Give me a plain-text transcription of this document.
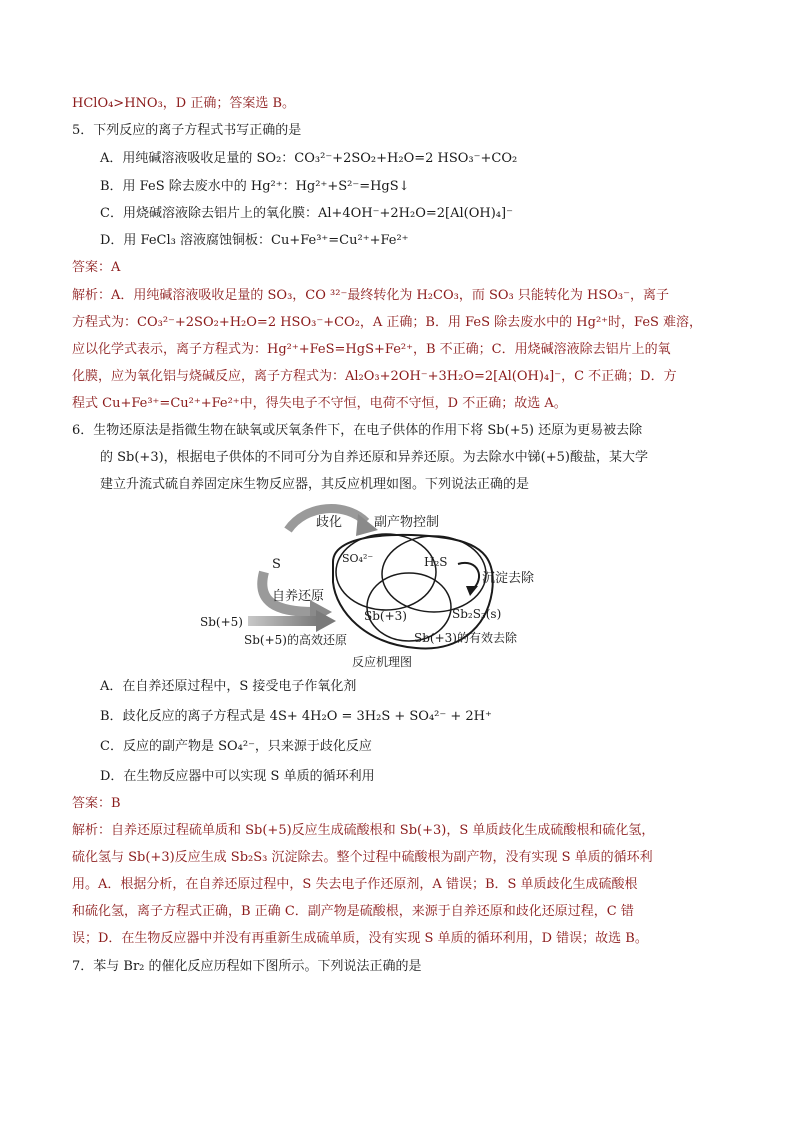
HClO₄>HNO₃，D 正确；答案选 B。
5．下列反应的离子方程式书写正确的是
A．用纯碱溶液吸收足量的 SO₂：CO₃²⁻+2SO₂+H₂O=2 HSO₃⁻+CO₂
B．用 FeS 除去废水中的 Hg²⁺：Hg²⁺+S²⁻=HgS↓
C．用烧碱溶液除去铝片上的氧化膜：Al+4OH⁻+2H₂O=2[Al(OH)₄]⁻
D．用 FeCl₃ 溶液腐蚀铜板：Cu+Fe³⁺=Cu²⁺+Fe²⁺
答案：A
解析：A．用纯碱溶液吸收足量的 SO₃，CO ³²⁻最终转化为 H₂CO₃，而 SO₃ 只能转化为 HSO₃⁻，离子
方程式为：CO₃²⁻+2SO₂+H₂O=2 HSO₃⁻+CO₂，A 正确；B．用 FeS 除去废水中的 Hg²⁺时，FeS 难溶，
应以化学式表示，离子方程式为：Hg²⁺+FeS=HgS+Fe²⁺，B 不正确；C．用烧碱溶液除去铝片上的氧
化膜，应为氧化铝与烧碱反应，离子方程式为：Al₂O₃+2OH⁻+3H₂O=2[Al(OH)₄]⁻，C 不正确；D．方
程式 Cu+Fe³⁺=Cu²⁺+Fe²⁺中，得失电子不守恒，电荷不守恒，D 不正确；故选 A。
6．生物还原法是指微生物在缺氧或厌氧条件下，在电子供体的作用下将 Sb(+5) 还原为更易被去除
的 Sb(+3)，根据电子供体的不同可分为自养还原和异养还原。为去除水中锑(+5)酸盐，某大学
建立升流式硫自养固定床生物反应器，其反应机理如图。下列说法正确的是
歧化 副产物控制
S	SO₄²⁻	H₂S
沉淀去除
自养还原
Sb(+5)	Sb(+3)	Sb₂S₃(s)
Sb(+5)的高效还原	Sb(+3)的有效去除
反应机理图
A．在自养还原过程中，S 接受电子作氧化剂
B．歧化反应的离子方程式是 4S+ 4H₂O = 3H₂S + SO₄²⁻ + 2H⁺
C．反应的副产物是 SO₄²⁻，只来源于歧化反应
D．在生物反应器中可以实现 S 单质的循环利用
答案：B
解析：自养还原过程硫单质和 Sb(+5)反应生成硫酸根和 Sb(+3)，S 单质歧化生成硫酸根和硫化氢，
硫化氢与 Sb(+3)反应生成 Sb₂S₃ 沉淀除去。整个过程中硫酸根为副产物，没有实现 S 单质的循环利
用。A．根据分析，在自养还原过程中，S 失去电子作还原剂，A 错误；B．S 单质歧化生成硫酸根
和硫化氢，离子方程式正确，B 正确 C．副产物是硫酸根，来源于自养还原和歧化还原过程，C 错
误；D．在生物反应器中并没有再重新生成硫单质，没有实现 S 单质的循环利用，D 错误；故选 B。
7．苯与 Br₂ 的催化反应历程如下图所示。下列说法正确的是
